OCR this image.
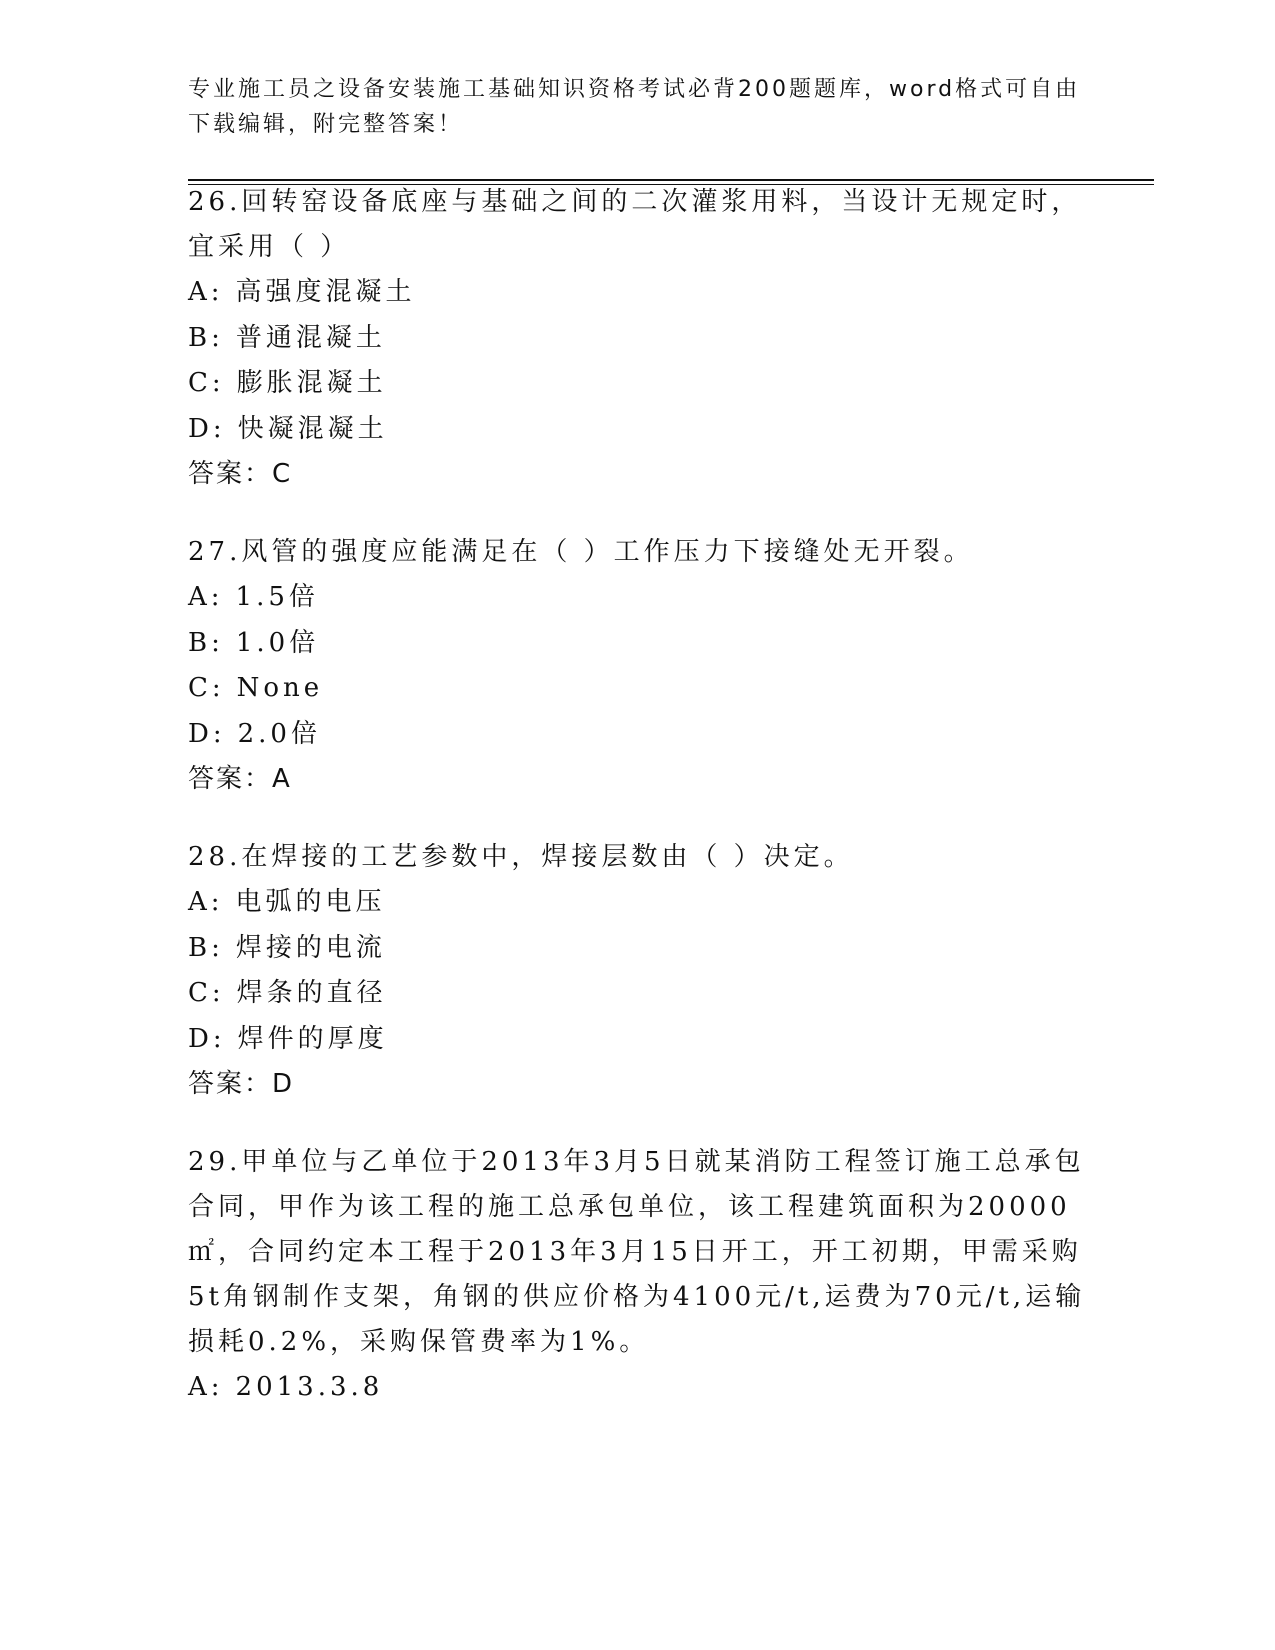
专业施工员之设备安装施工基础知识资格考试必背200题题库，word格式可自由
下载编辑，附完整答案！

26.回转窑设备底座与基础之间的二次灌浆用料，当设计无规定时，宜采用（ ）

A: 高强度混凝土
B: 普通混凝土
C: 膨胀混凝土
D: 快凝混凝土

答案：C

27.风管的强度应能满足在（ ）工作压力下接缝处无开裂。

A: 1.5倍
B: 1.0倍
C: None
D: 2.0倍

答案：A

28.在焊接的工艺参数中，焊接层数由（ ）决定。

A: 电弧的电压
B: 焊接的电流
C: 焊条的直径
D: 焊件的厚度

答案：D

29.甲单位与乙单位于2013年3月5日就某消防工程签订施工总承包合同，甲作为该工程的施工总承包单位，该工程建筑面积为20000㎡，合同约定本工程于2013年3月15日开工，开工初期，甲需采购5t角钢制作支架，角钢的供应价格为4100元/t,运费为70元/t,运输损耗0.2%，采购保管费率为1%。

A: 2013.3.8
